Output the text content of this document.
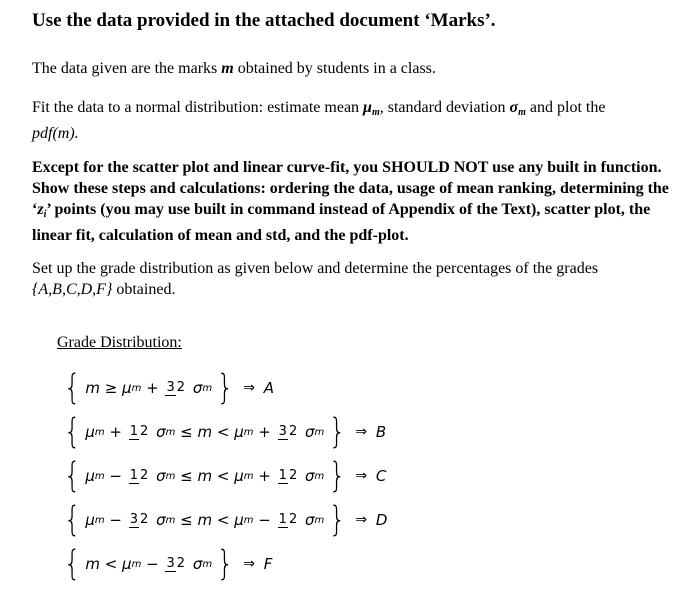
Use the data provided in the attached document ‘Marks’.
The data given are the marks m obtained by students in a class.
Fit the data to a normal distribution: estimate mean $\mu_m$, standard deviation $\sigma_m$ and plot the
pdf(m).
Except for the scatter plot and linear curve-fit, you SHOULD NOT use any built in function. Show these steps and calculations: ordering the data, usage of mean ranking, determining the ‘$z_i$’ points (you may use built in command instead of Appendix of the Text), scatter plot, the linear fit, calculation of mean and std, and the pdf-plot.
Set up the grade distribution as given below and determine the percentages of the grades
{A,B,C,D,F} obtained.
Grade Distribution:
{ m ≥ μm + 3 2 σm } ⇒ A
{ μm + 1 2 σm ≤ m < μm + 3 2 σm } ⇒ B
{ μm − 1 2 σm ≤ m < μm + 1 2 σm } ⇒ C
{ μm − 3 2 σm ≤ m < μm − 1 2 σm } ⇒ D
{ m < μm − 3 2 σm } ⇒ F
